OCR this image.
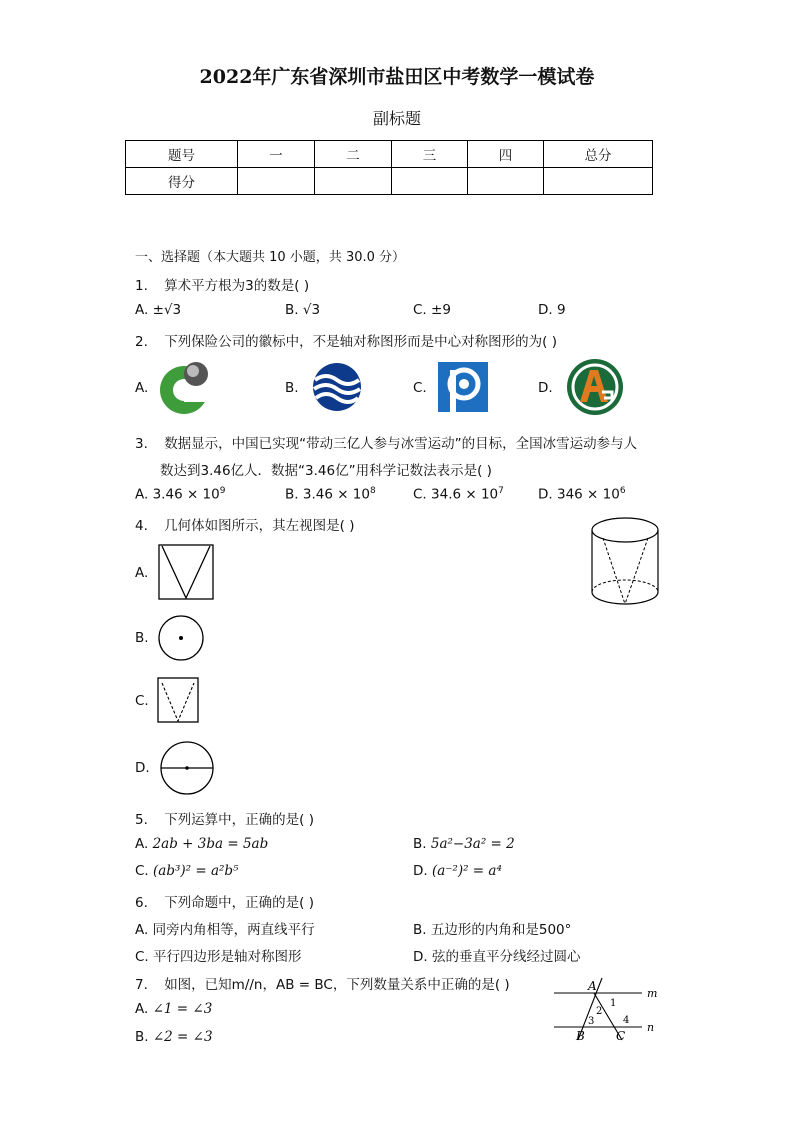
2022年广东省深圳市盐田区中考数学一模试卷
副标题
题号	一	二	三	四	总分
得分					
一、选择题（本大题共 10 小题，共 30.0 分）
1. 算术平方根为3的数是( )
A. ±√3	B. √3	C. ±9	D. 9
2. 下列保险公司的徽标中，不是轴对称图形而是中心对称图形的为( )
A.	B.	C.	D.
3. 数据显示，中国已实现“带动三亿人参与冰雪运动”的目标，全国冰雪运动参与人
数达到3.46亿人．数据“3.46亿”用科学记数法表示是( )
A. $3.46 \times 10^9$	B. $3.46 \times 10^8$	C. $34.6 \times 10^7$	D. $346 \times 10^6$
4. 几何体如图所示，其左视图是( )
A.
B.
C.
D.
5. 下列运算中，正确的是( )
A. 2ab + 3ba = 5ab	B. 5a²−3a² = 2
C. (ab³)² = a²b⁵	D. (a⁻²)² = a⁴
6. 下列命题中，正确的是( )
A. 同旁内角相等，两直线平行	B. 五边形的内角和是500°
C. 平行四边形是轴对称图形	D. 弦的垂直平分线经过圆心
7. 如图，已知m//n，AB = BC，下列数量关系中正确的是( )
A. ∠1 = ∠3
B. ∠2 = ∠3
A
m
n
1
2
3	4
B	C
